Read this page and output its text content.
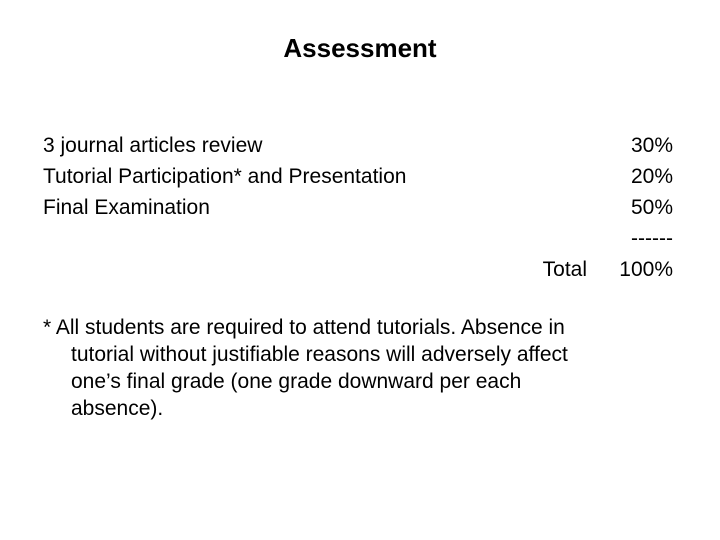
Assessment
3 journal articles review	30%
Tutorial Participation* and Presentation	20%
Final Examination	50%
------
Total 100%
* All students are required to attend tutorials. Absence in
tutorial without justifiable reasons will adversely affect
one’s final grade (one grade downward per each
absence).
